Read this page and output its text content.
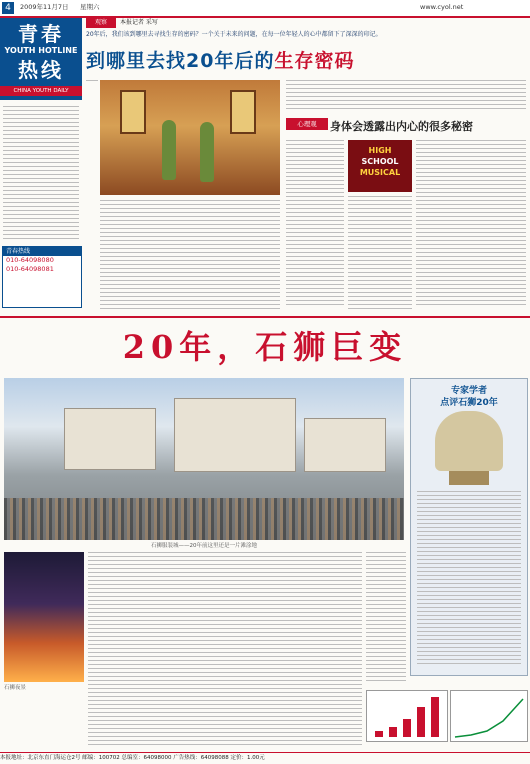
4	2009年11月7日 星期六	www.cyol.net
青春
YOUTH HOTLINE
热线
CHINA YOUTH DAILY
青春热线
010-64098080
010-64098081
观察	本报记者 采写
20年后，我们该到哪里去寻找生存的密码？一个关于未来的问题，在每一位年轻人的心中都留下了深深的印记。
到哪里去找20年后的生存密码
心理观	身体会透露出内心的很多秘密
HIGH
SCHOOL
MUSICAL
20年，石狮巨变
石狮服装城——20年前这里还是一片滩涂地
专家学者
点评石狮20年
石狮夜景
本报地址：北京东直门海运仓2号 邮编：100702 总编室：64098000 广告热线：64098088 定价：1.00元
